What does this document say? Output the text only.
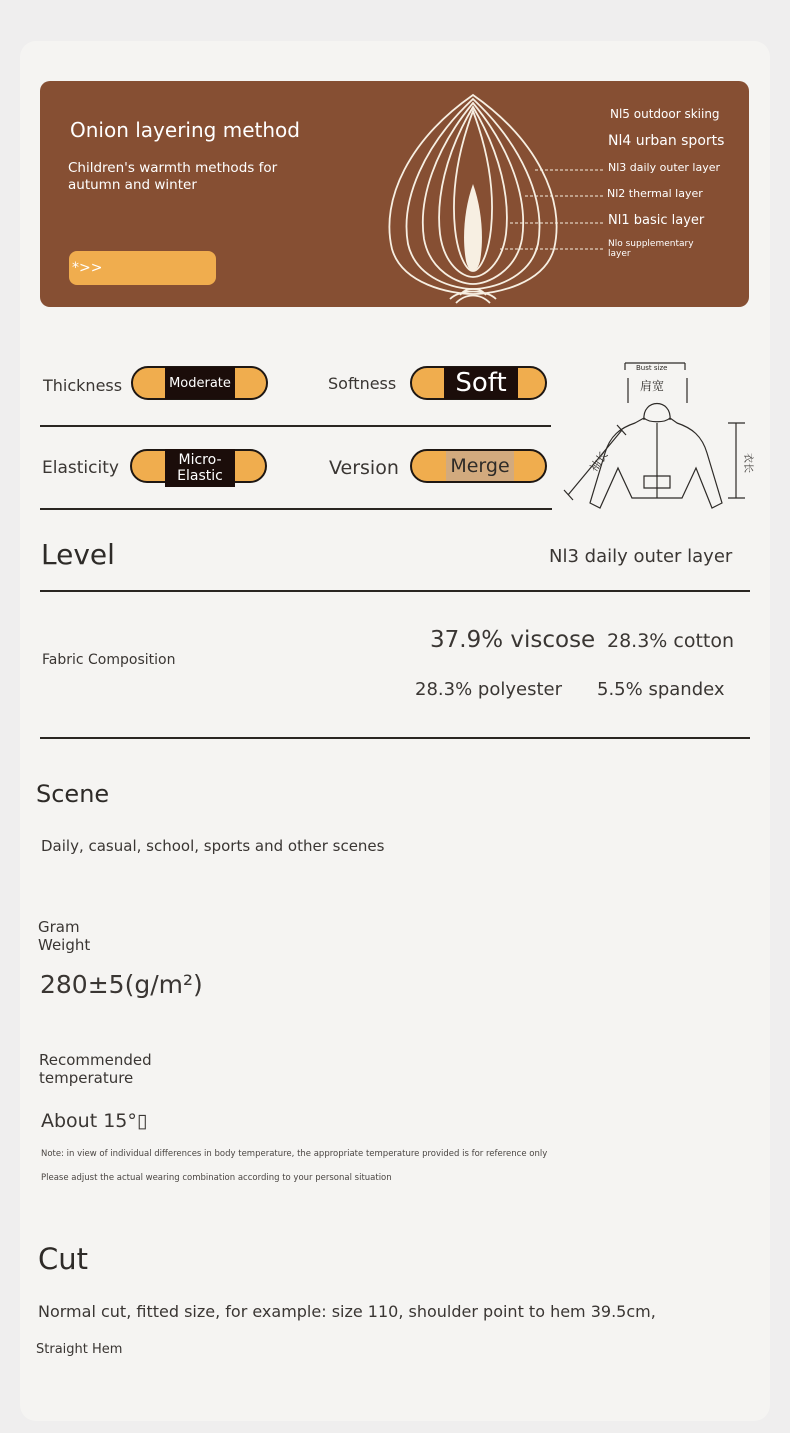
Onion layering method
Children's warmth methods for autumn and winter
*>>
Nl5 outdoor skiing
Nl4 urban sports
Nl3 daily outer layer
Nl2 thermal layer
Nl1 basic layer
Nlo supplementary layer
Thickness	Moderate	Softness	Soft
Elasticity	Micro-Elastic	Version	Merge
Bust size
肩宽
袖长	衣长
Level	Nl3 daily outer layer
Fabric Composition
37.9% viscose 28.3% cotton
28.3% polyester 5.5% spandex
Scene
Daily, casual, school, sports and other scenes
Gram Weight
280±5(g/m²)
Recommended temperature
About 15°▯
Note: in view of individual differences in body temperature, the appropriate temperature provided is for reference only
Please adjust the actual wearing combination according to your personal situation
Cut
Normal cut, fitted size, for example: size 110, shoulder point to hem 39.5cm,
Straight Hem
